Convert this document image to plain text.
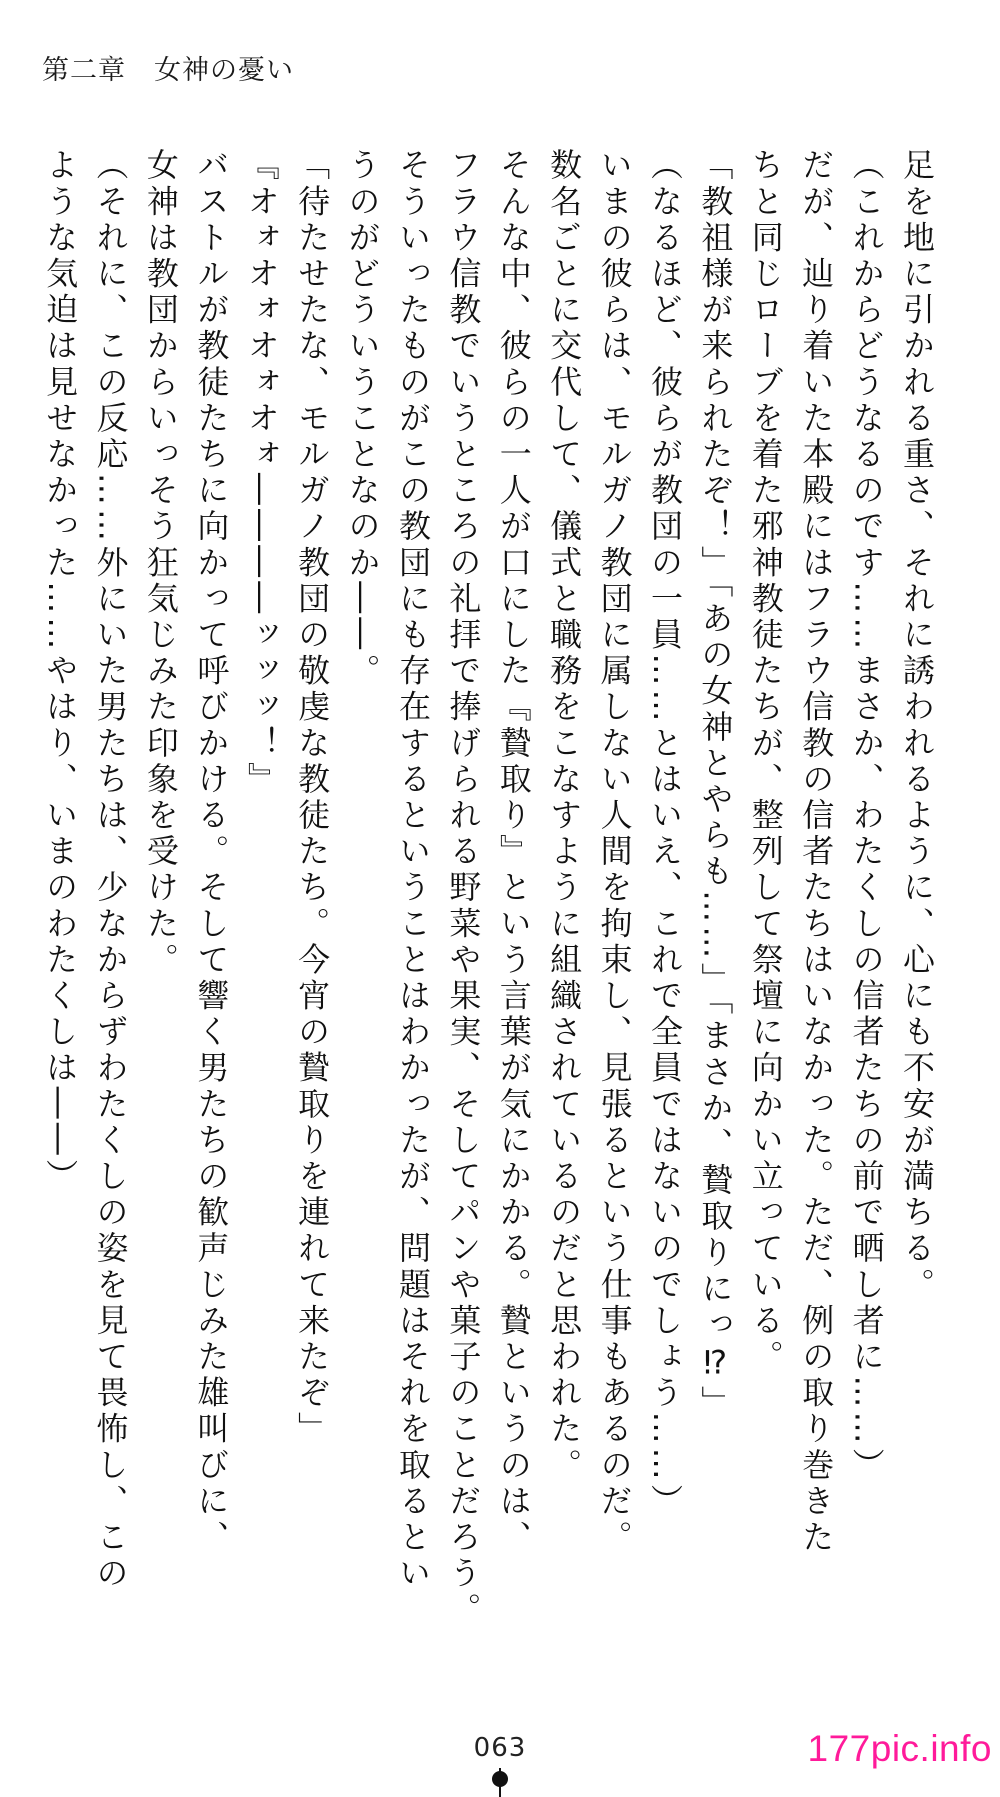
第二章　女神の憂い

足を地に引かれる重さ、それに誘われるように、心にも不安が満ちる。

（これからどうなるのです……まさか、わたくしの信者たちの前で晒し者に……）

だが、辿り着いた本殿にはフラウ信教の信者たちはいなかった。ただ、例の取り巻きた

ちと同じローブを着た邪神教徒たちが、整列して祭壇に向かい立っている。

「教祖様が来られたぞ！」「あの女神とやらも……」「まさか、贄取りにっ⁉」

（なるほど、彼らが教団の一員……とはいえ、これで全員ではないのでしょう……）

いまの彼らは、モルガノ教団に属しない人間を拘束し、見張るという仕事もあるのだ。

数名ごとに交代して、儀式と職務をこなすように組織されているのだと思われた。

そんな中、彼らの一人が口にした『贄取り』という言葉が気にかかる。贄というのは、

フラウ信教でいうところの礼拝で捧げられる野菜や果実、そしてパンや菓子のことだろう。

そういったものがこの教団にも存在するということはわかったが、問題はそれを取るとい

うのがどういうことなのか――。

「待たせたな、モルガノ教団の敬虔な教徒たち。今宵の贄取りを連れて来たぞ」

『オォオォオォオォ――――ッッッ！』

バストルが教徒たちに向かって呼びかける。そして響く男たちの歓声じみた雄叫びに、

女神は教団からいっそう狂気じみた印象を受けた。

（それに、この反応……外にいた男たちは、少なからずわたくしの姿を見て畏怖し、この

ような気迫は見せなかった……やはり、いまのわたくしは――）

063	177pic.info
